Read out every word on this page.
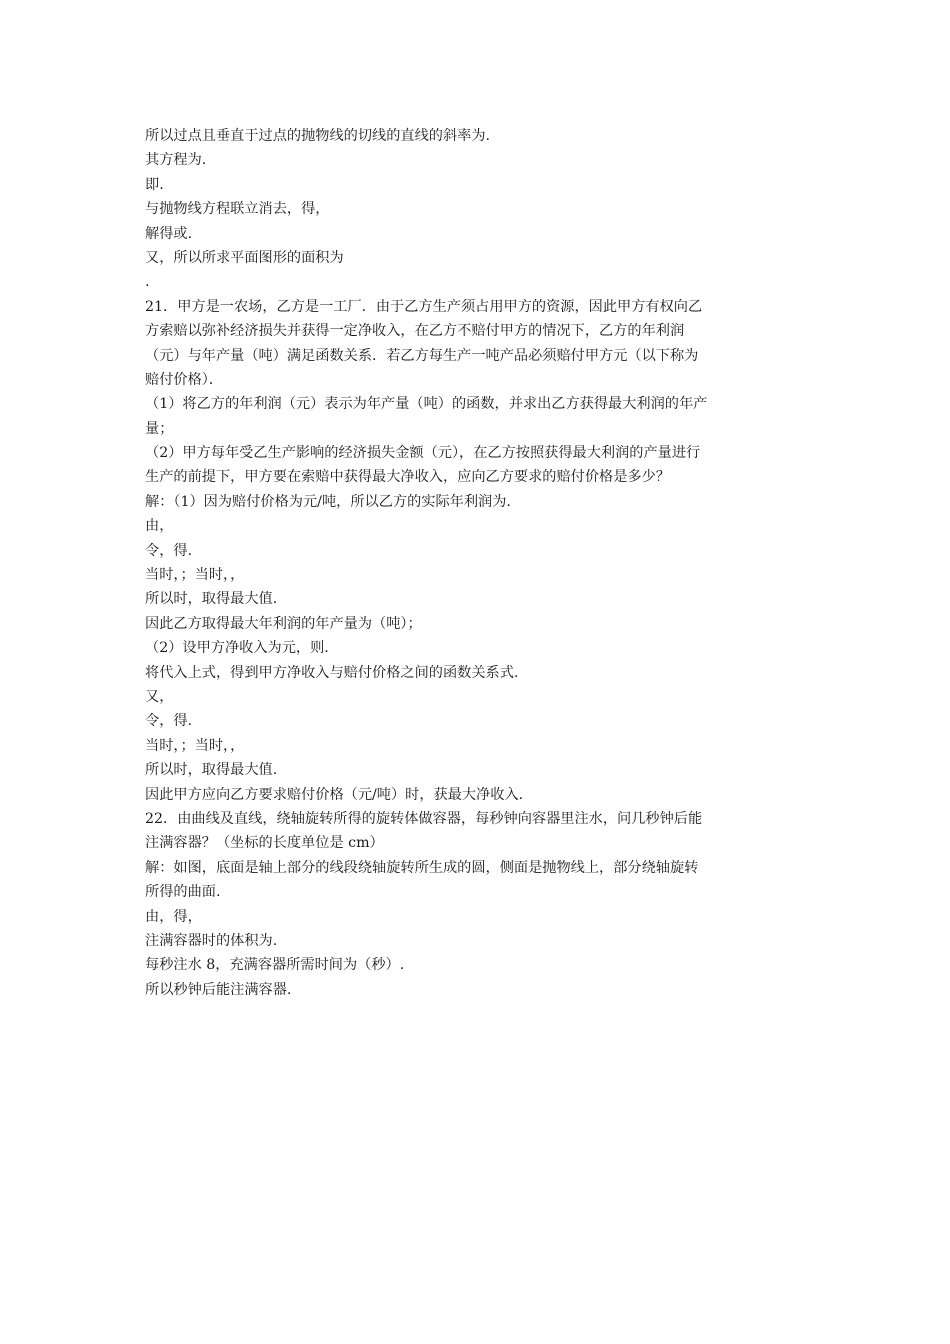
所以过点且垂直于过点的抛物线的切线的直线的斜率为.
其方程为.
即.
与抛物线方程联立消去，得，
解得或.
又，所以所求平面图形的面积为
.
21．甲方是一农场，乙方是一工厂．由于乙方生产须占用甲方的资源，因此甲方有权向乙
方索赔以弥补经济损失并获得一定净收入，在乙方不赔付甲方的情况下，乙方的年利润
（元）与年产量（吨）满足函数关系．若乙方每生产一吨产品必须赔付甲方元（以下称为
赔付价格）．
（1）将乙方的年利润（元）表示为年产量（吨）的函数，并求出乙方获得最大利润的年产
量；
（2）甲方每年受乙生产影响的经济损失金额（元），在乙方按照获得最大利润的产量进行
生产的前提下，甲方要在索赔中获得最大净收入，应向乙方要求的赔付价格是多少？
解：（1）因为赔付价格为元/吨，所以乙方的实际年利润为.
由，
令，得.
当时，；当时，，
所以时，取得最大值.
因此乙方取得最大年利润的年产量为（吨）；
（2）设甲方净收入为元，则.
将代入上式，得到甲方净收入与赔付价格之间的函数关系式.
又，
令，得.
当时，；当时，，
所以时，取得最大值.
因此甲方应向乙方要求赔付价格（元/吨）时，获最大净收入.
22．由曲线及直线，绕轴旋转所得的旋转体做容器，每秒钟向容器里注水，问几秒钟后能
注满容器？（坐标的长度单位是 cm）
解：如图，底面是轴上部分的线段绕轴旋转所生成的圆，侧面是抛物线上，部分绕轴旋转
所得的曲面.
由，得，
注满容器时的体积为.
每秒注水 8，充满容器所需时间为（秒）.
所以秒钟后能注满容器.
